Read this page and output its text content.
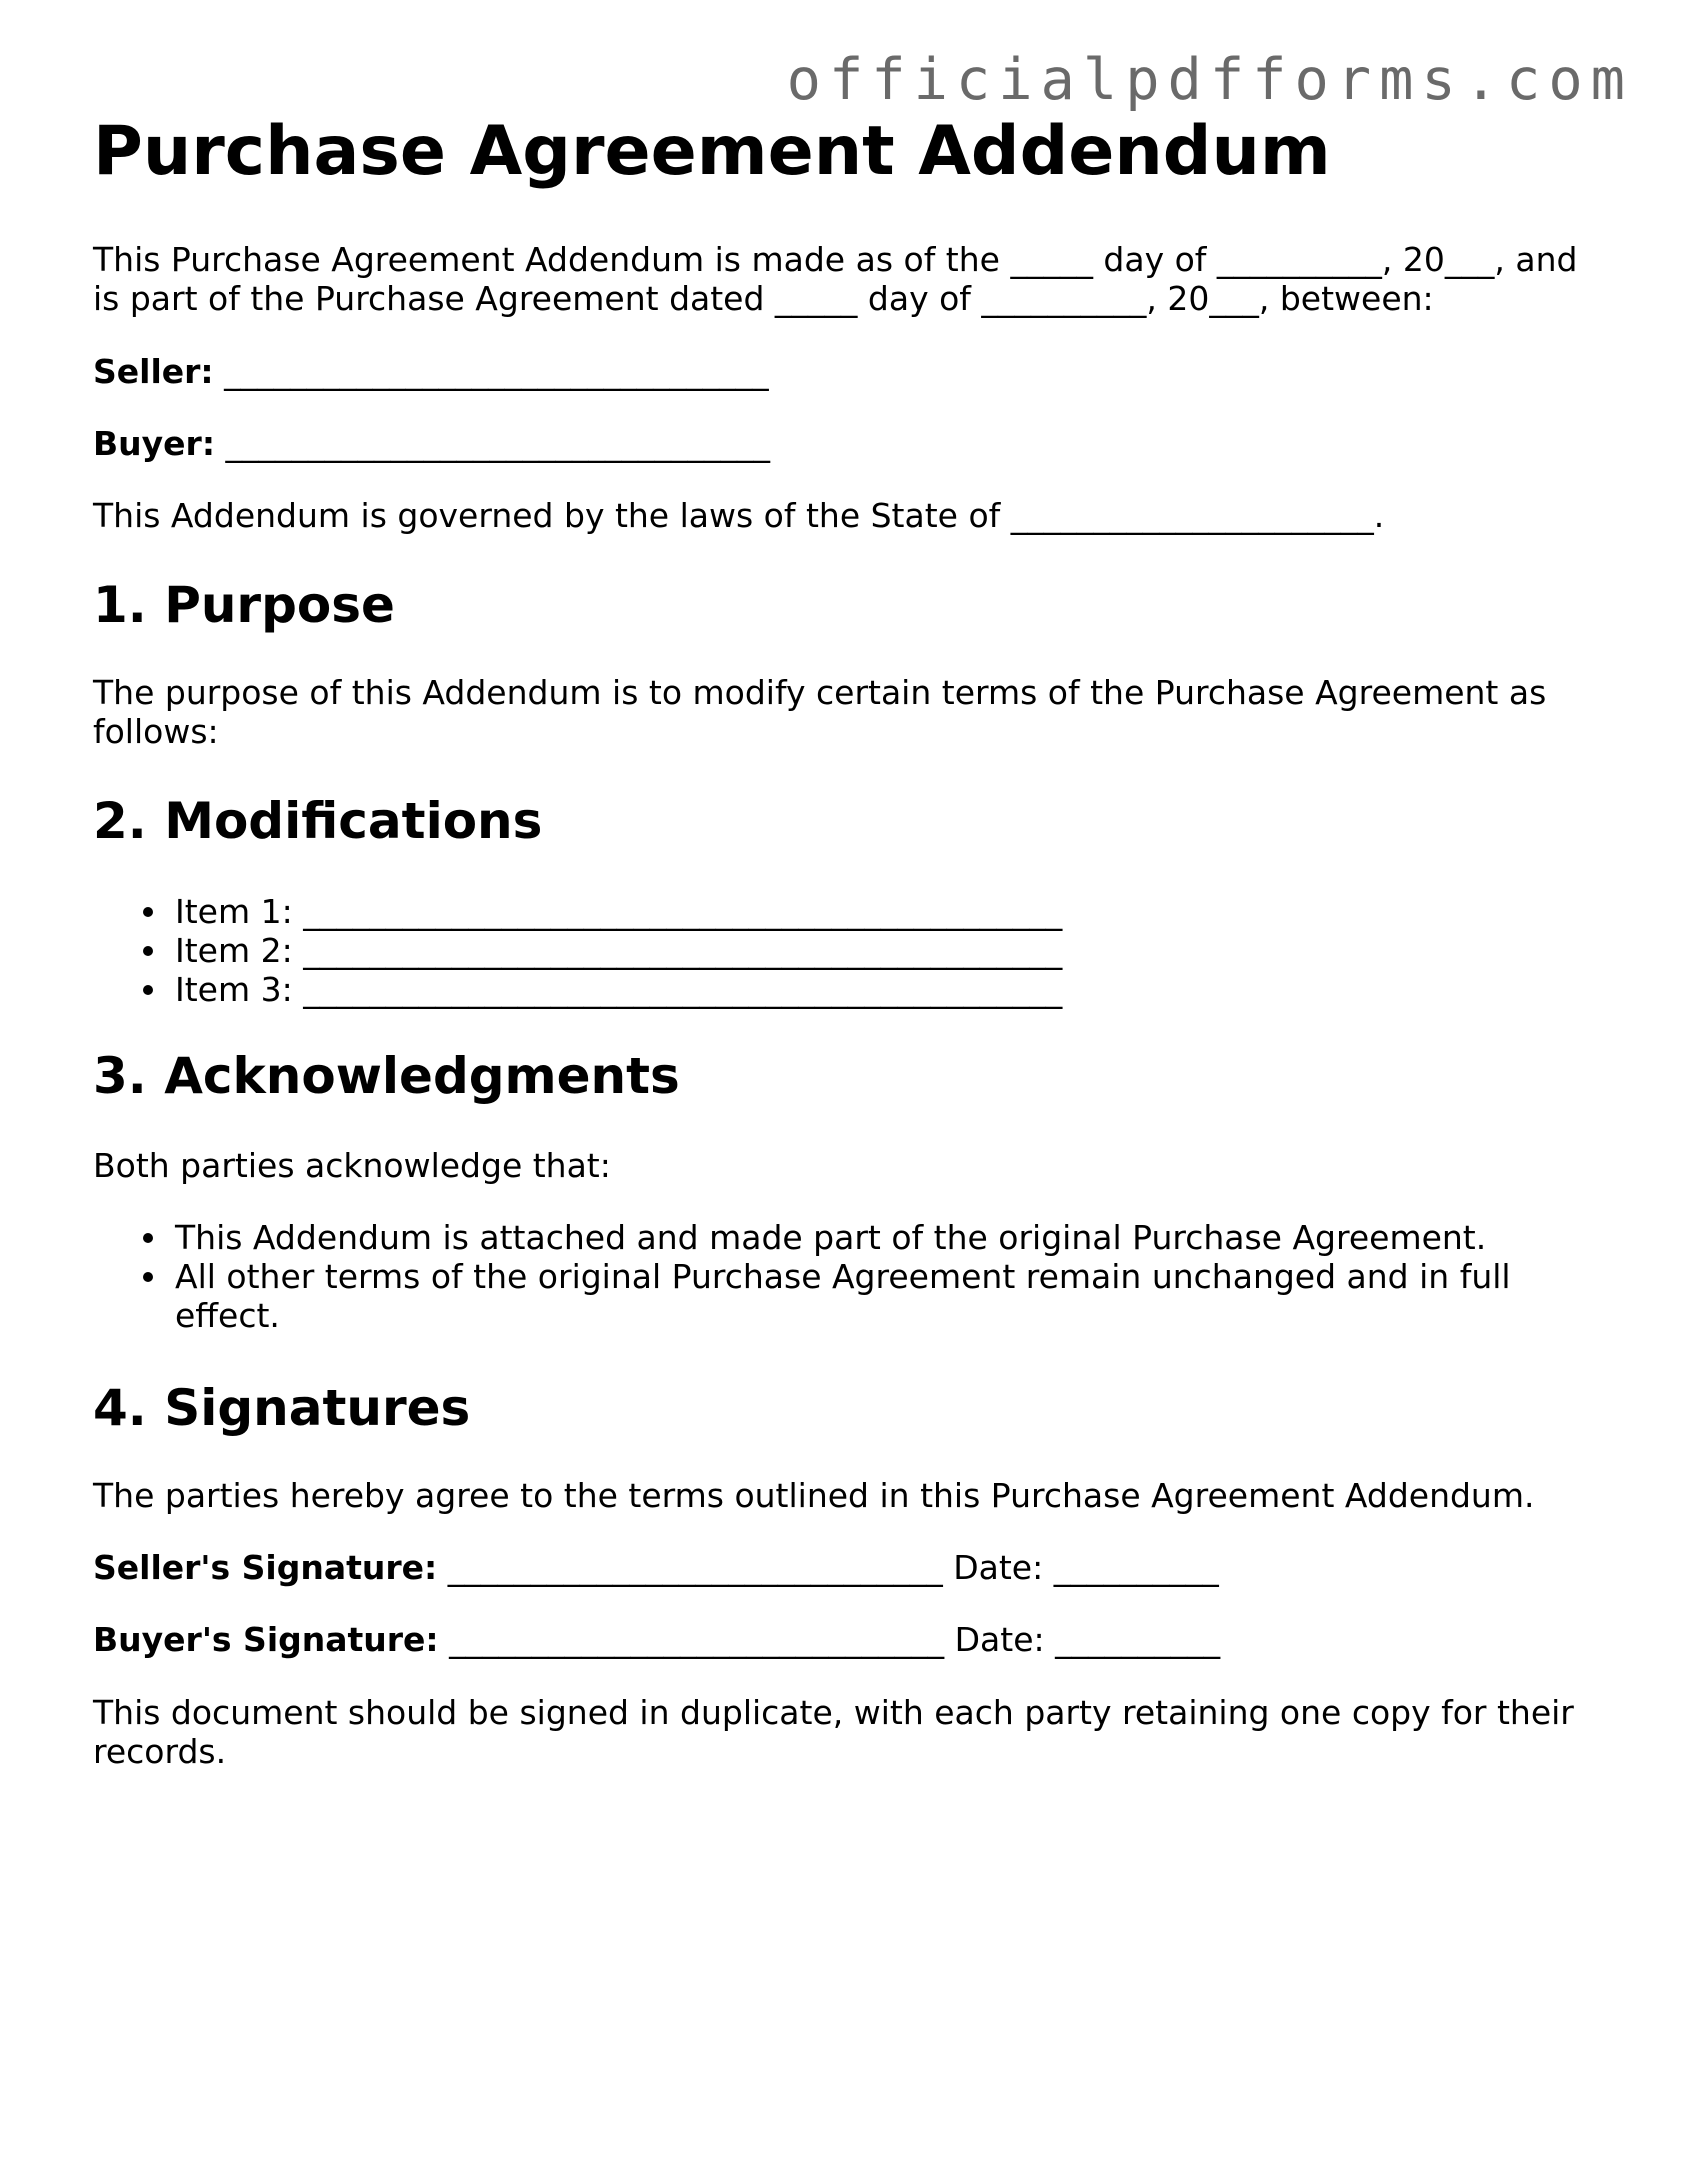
officialpdfforms.com
Purchase Agreement Addendum

This Purchase Agreement Addendum is made as of the _____ day of __________, 20___, and

is part of the Purchase Agreement dated _____ day of __________, 20___, between:

Seller: _________________________________

Buyer: _________________________________

This Addendum is governed by the laws of the State of ______________________.

1. Purpose

The purpose of this Addendum is to modify certain terms of the Purchase Agreement as follows:

2. Modifications
Item 1: ______________________________________________
Item 2: ______________________________________________
Item 3: ______________________________________________
3. Acknowledgments

Both parties acknowledge that:

This Addendum is attached and made part of the original Purchase Agreement.
All other terms of the original Purchase Agreement remain unchanged and in full effect.
4. Signatures

The parties hereby agree to the terms outlined in this Purchase Agreement Addendum.

Seller's Signature: ______________________________ Date: __________

Buyer's Signature: ______________________________ Date: __________

This document should be signed in duplicate, with each party retaining one copy for their records.
